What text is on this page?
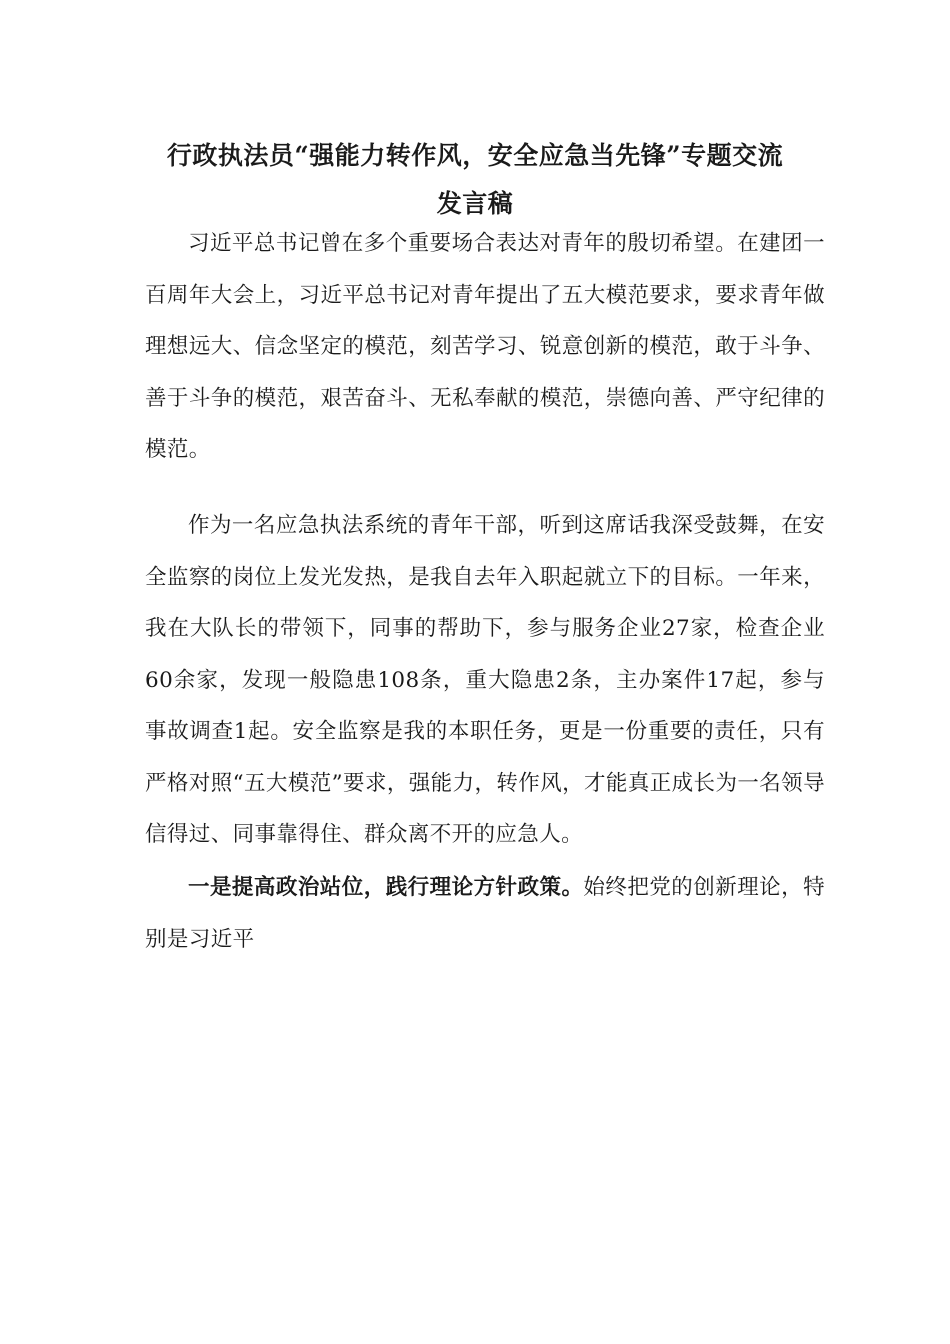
行政执法员“强能力转作风，安全应急当先锋”专题交流
发言稿

习近平总书记曾在多个重要场合表达对青年的殷切希望。在建团一百周年大会上，习近平总书记对青年提出了五大模范要求，要求青年做理想远大、信念坚定的模范，刻苦学习、锐意创新的模范，敢于斗争、善于斗争的模范，艰苦奋斗、无私奉献的模范，崇德向善、严守纪律的模范。

作为一名应急执法系统的青年干部，听到这席话我深受鼓舞，在安全监察的岗位上发光发热，是我自去年入职起就立下的目标。一年来，我在大队长的带领下，同事的帮助下，参与服务企业27家，检查企业60余家，发现一般隐患108条，重大隐患2条，主办案件17起，参与事故调查1起。安全监察是我的本职任务，更是一份重要的责任，只有严格对照“五大模范”要求，强能力，转作风，才能真正成长为一名领导信得过、同事靠得住、群众离不开的应急人。

一是提高政治站位，践行理论方针政策。始终把党的创新理论，特别是习近平
